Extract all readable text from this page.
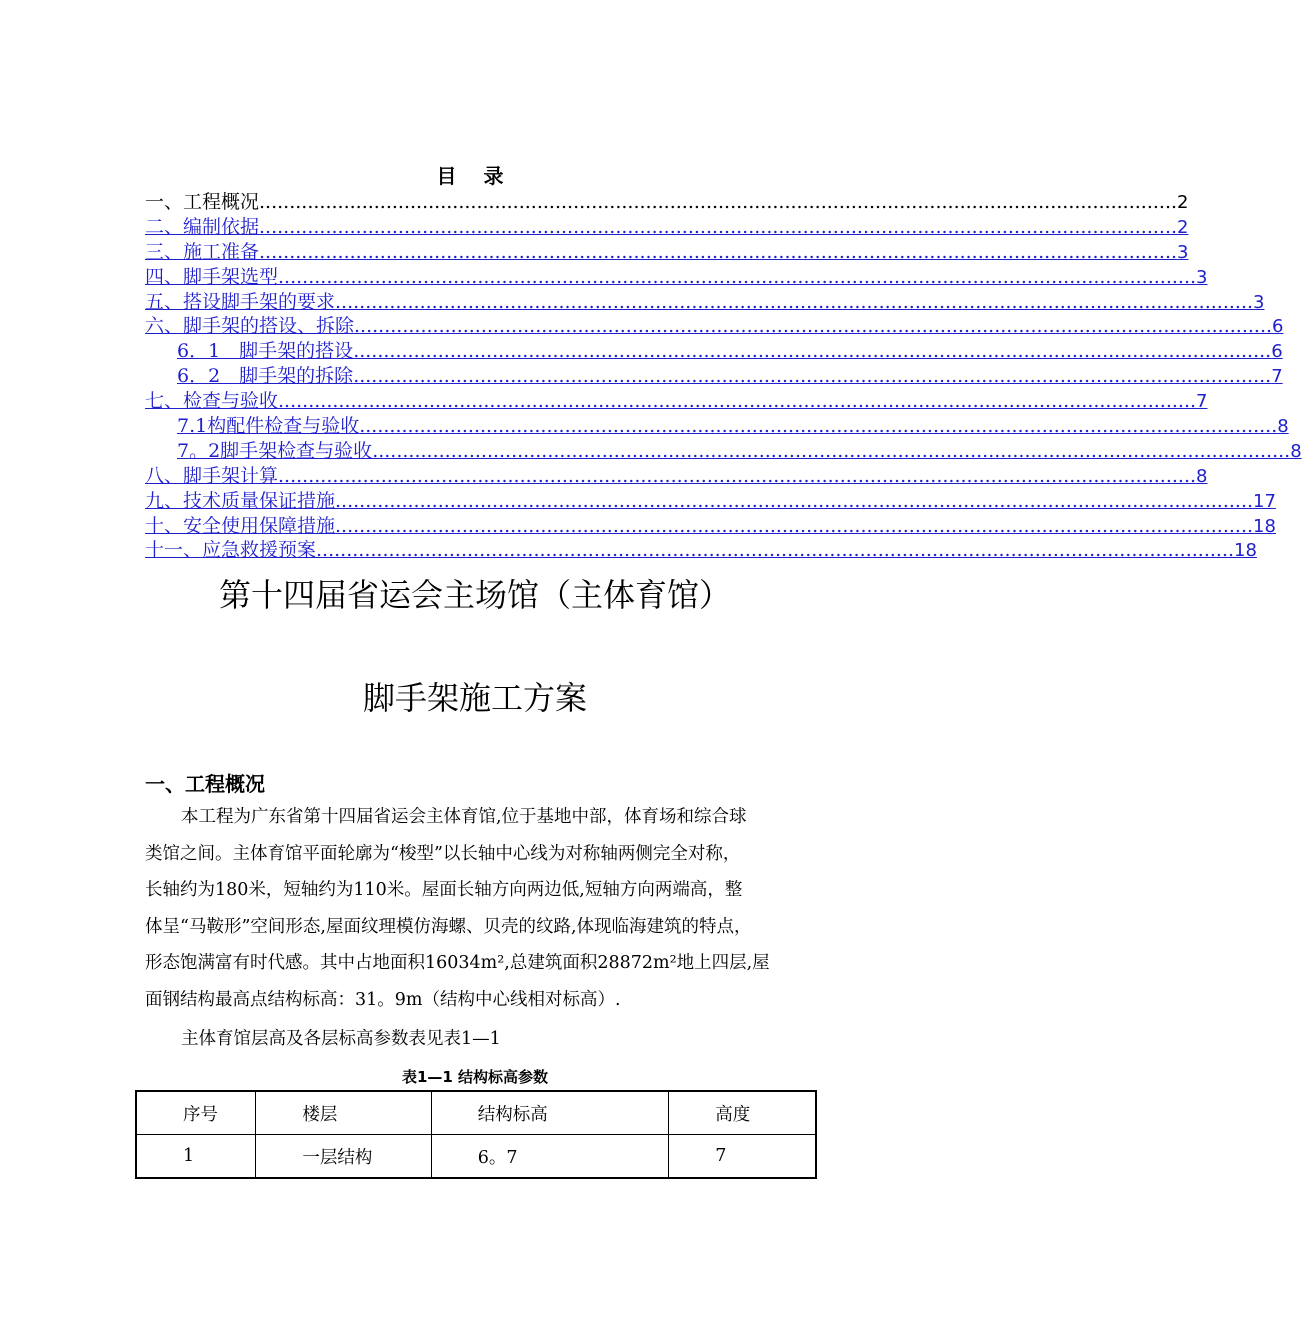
目 录
一、工程概况 ........................................................................................................................................................ 2
二、编制依据 ........................................................................................................................................................ 2
三、施工准备 ........................................................................................................................................................ 3
四、脚手架选型 ........................................................................................................................................................ 3
五、搭设脚手架的要求 ........................................................................................................................................................ 3
六、脚手架的搭设、拆除 ........................................................................................................................................................ 6
6．1　脚手架的搭设 ........................................................................................................................................................ 6
6．2　脚手架的拆除 ........................................................................................................................................................ 7
七、检查与验收 ........................................................................................................................................................ 7
7.1构配件检查与验收 ........................................................................................................................................................ 8
7。2脚手架检查与验收 ........................................................................................................................................................ 8
八、脚手架计算 ........................................................................................................................................................ 8
九、技术质量保证措施 ........................................................................................................................................................ 17
十、安全使用保障措施 ........................................................................................................................................................ 18
十一、应急救援预案 ........................................................................................................................................................ 18
第十四届省运会主场馆（主体育馆）
脚手架施工方案
一、工程概况
本工程为广东省第十四届省运会主体育馆,位于基地中部，体育场和综合球
类馆之间。主体育馆平面轮廓为“梭型”以长轴中心线为对称轴两侧完全对称，
长轴约为180米，短轴约为110米。屋面长轴方向两边低,短轴方向两端高，整
体呈“马鞍形”空间形态,屋面纹理模仿海螺、贝壳的纹路,体现临海建筑的特点，
形态饱满富有时代感。其中占地面积16034m²,总建筑面积28872m²地上四层,屋
面钢结构最高点结构标高：31。9m（结构中心线相对标高）.
主体育馆层高及各层标高参数表见表1—1
表1—1 结构标高参数
序号	楼层	结构标高	高度
1	一层结构	6。7	7
